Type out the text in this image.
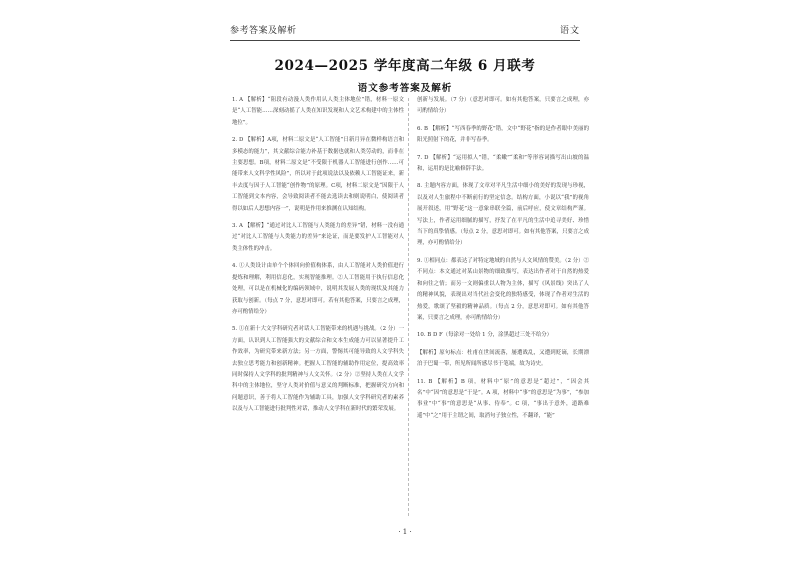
参考答案及解析	语文
2024—2025 学年度高二年级 6 月联考
语文参考答案及解析

1. A 【解析】“阻段有动漫人类作用认人类主体地位”错，材料一原文是“人工智能……深刻动摇了人类在知识发现和人文艺术构建中的主体性地位”。

2. D 【解析】A项，材料二原文是“人工智能”日新月异在微样构语言和多模态的能力”，其文献综合能力补基于数据也就和人类劳动的，而非在主要思想。B项，材料二原文是“不受限于机器人工智能进行创作……可能带来人文科学性风险”，所以对于此项说法以及依赖人工智能证来，新丰去度与因于人工智能“创作物”的原理。C项，材料二原文是“因限于人工智能到文本内容，会导致阅读者不能去选读去和则说明白，使阅读者得以如后人思想内容一”，说明是作用来推测在认知结构。

3. A 【解析】“通过对比人工智能与人类能力的差异”错，材料一没有通过“对比人工智能与人类能力的差异”来论证，而是要发护人工智能对人类主体性的冲击。

4. ①人类设计由单个个体回向价值构体系，由人工智能对人类价值进行提炼和理解，利用信息化，实现智能推理。②人工智能用于执行信息化处理，可以是在机械化的编码领域中，说明其发展人类的现状及其能力获取与创新。（每点 7 分，意思对即可。若有其他答案，只要言之成理，亦可酌情给分）

5. ①在新十大文学科研究者对话人工智能带来的机遇与挑战。（2 分）一方面，认识到人工智能强大的文献综合和文本生成能力可以显著提升工作效率，为研究带来新方法；另一方面，警惕其可能导致的人文学科失去独立思考能力和创新精神。把握人工智能的辅助作用定位，提高效率同时保持人文学科的批判精神与人文关怀。（2 分）②坚持人类在人文学科中的主体地位，坚守人类对价值与意义的判断标准，把握研究方向和问题意识，善于将人工智能作为辅助工具，加强人文学科研究者的素养以及与人工智能进行批判性对话，推动人文学科在新时代的繁荣发展。

创新与发展。（7 分）（意思对即可。如有其他答案，只要言之成理，亦可酌情给分）

6. B 【解析】“写西春季的野花”错，文中“野花”指的是作者眼中美丽的阳光照射下的花，并非写春季。

7. D 【解析】“运用拟人”错，“柔嫩”“柔和”等形容词描写出山坡的温和，运用的是比喻修辞手法。

8. 主题内容方面，体现了文章对平凡生活中细小的美好的发现与珍视，以及对人生旅程中不断前行的坚定信念。结构方面，小说以“我”的视角展开叙述，用“野花”这一意象串联全篇，前后呼应，使文章结构严谨。写法上，作者运用细腻的描写，抒发了在平凡的生活中追寻美好、珍惜当下的真挚情感。（每点 2 分，意思对即可。如有其他答案，只要言之成理，亦可酌情给分）

9. ①相同点：都表达了对特定地域的自然与人文风情的赞美。（2 分）②不同点：本文通过对某山景物的细致描写，表达出作者对于自然的热爱和向往之情；而另一文则偏重以人物为主体，描写《风景线》突出了人的精神风貌，表现出对当代社会变化的独特感受，体现了作者对生活的热爱，歌颂了坚毅的精神品质。（每点 2 分，意思对即可。如有其他答案，只要言之成理，亦可酌情给分）

10. B D F（每涂对一处给 1 分，涂黑超过三处不给分）

【解析】原句标点：杜甫在世间流落，屡遭战乱，又遭到贬谪，长期漂泊于巴蜀一带，所见所闻所感尽书于笔端，故为诗史。

11. B 【解析】B 项，材料中“原”的意思是“超过”，“因会其名”中“因”的意思是“于是”。A 项，材料中“事”的意思是“为事”，“参加事业”中“事”的意思是“从事、侍奉”。C 项，“事出于意外，道路难遥”中“之”用于主谓之间，取消句子独立性，不翻译，“能”

· 1 ·
